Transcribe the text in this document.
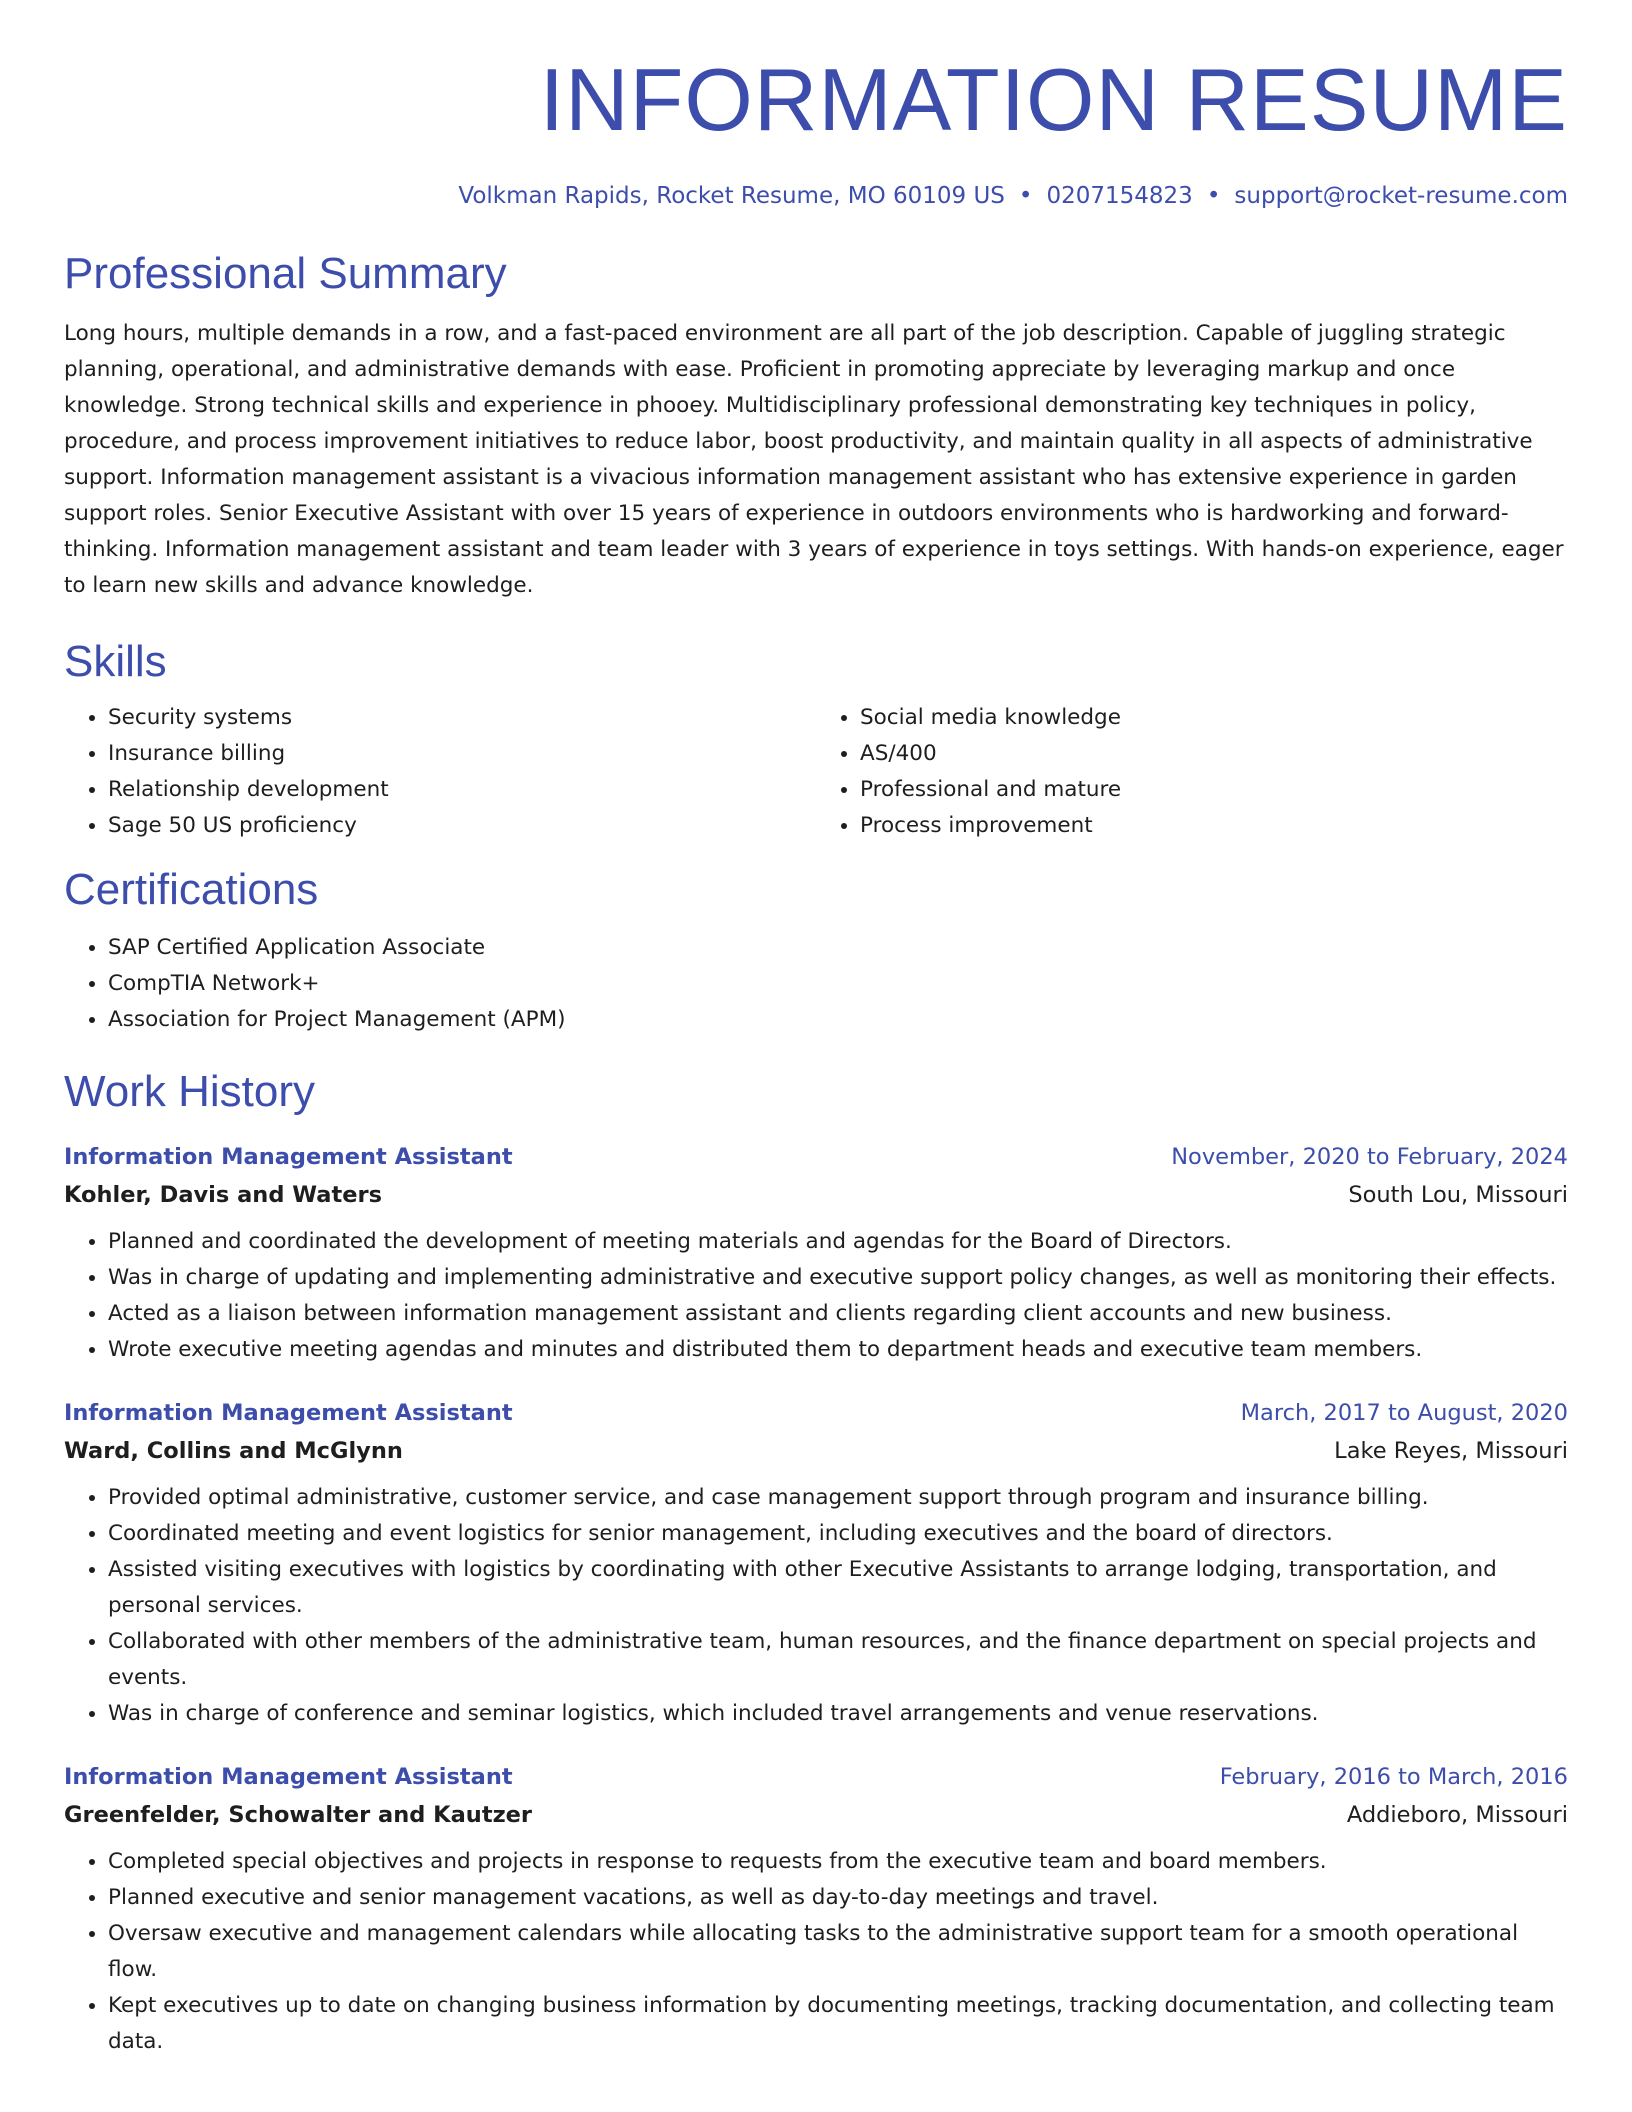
INFORMATION RESUME
Volkman Rapids, Rocket Resume, MO 60109 US • 0207154823 • support@rocket-resume.com
Professional Summary
Long hours, multiple demands in a row, and a fast-paced environment are all part of the job description. Capable of juggling strategic planning, operational, and administrative demands with ease. Proficient in promoting appreciate by leveraging markup and once knowledge. Strong technical skills and experience in phooey. Multidisciplinary professional demonstrating key techniques in policy, procedure, and process improvement initiatives to reduce labor, boost productivity, and maintain quality in all aspects of administrative support. Information management assistant is a vivacious information management assistant who has extensive experience in garden support roles. Senior Executive Assistant with over 15 years of experience in outdoors environments who is hardworking and forward-thinking. Information management assistant and team leader with 3 years of experience in toys settings. With hands-on experience, eager to learn new skills and advance knowledge.
Skills
• Security systems
• Insurance billing
• Relationship development
• Sage 50 US proficiency
• Social media knowledge
• AS/400
• Professional and mature
• Process improvement
Certifications
• SAP Certified Application Associate
• CompTIA Network+
• Association for Project Management (APM)
Work History
Information Management Assistant	November, 2020 to February, 2024
Kohler, Davis and Waters	South Lou, Missouri
• Planned and coordinated the development of meeting materials and agendas for the Board of Directors.
• Was in charge of updating and implementing administrative and executive support policy changes, as well as monitoring their effects.
• Acted as a liaison between information management assistant and clients regarding client accounts and new business.
• Wrote executive meeting agendas and minutes and distributed them to department heads and executive team members.
Information Management Assistant	March, 2017 to August, 2020
Ward, Collins and McGlynn	Lake Reyes, Missouri
• Provided optimal administrative, customer service, and case management support through program and insurance billing.
• Coordinated meeting and event logistics for senior management, including executives and the board of directors.
• Assisted visiting executives with logistics by coordinating with other Executive Assistants to arrange lodging, transportation, and personal services.
• Collaborated with other members of the administrative team, human resources, and the finance department on special projects and events.
• Was in charge of conference and seminar logistics, which included travel arrangements and venue reservations.
Information Management Assistant	February, 2016 to March, 2016
Greenfelder, Schowalter and Kautzer	Addieboro, Missouri
• Completed special objectives and projects in response to requests from the executive team and board members.
• Planned executive and senior management vacations, as well as day-to-day meetings and travel.
• Oversaw executive and management calendars while allocating tasks to the administrative support team for a smooth operational flow.
• Kept executives up to date on changing business information by documenting meetings, tracking documentation, and collecting team data.
